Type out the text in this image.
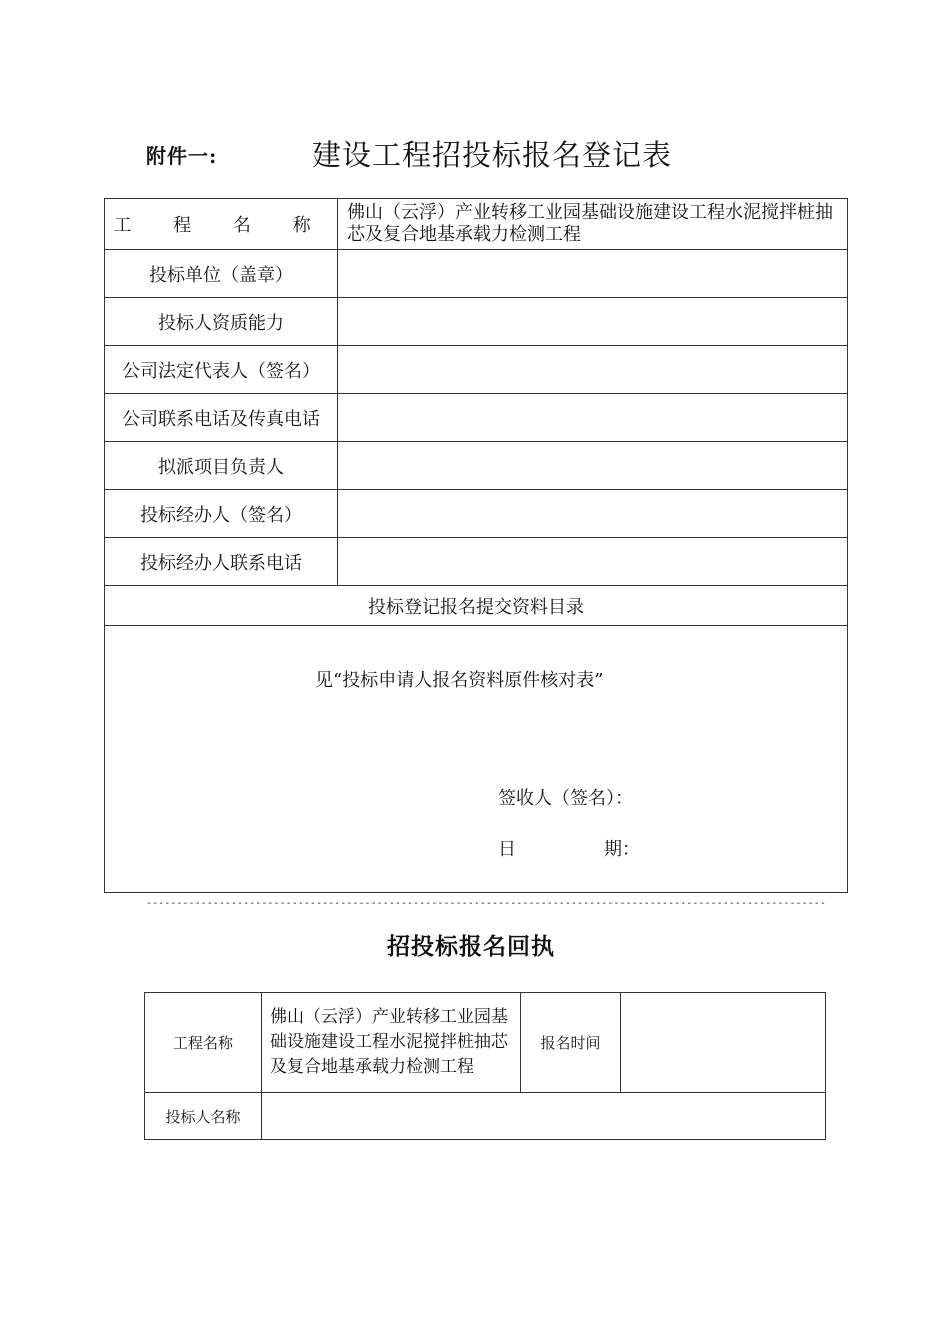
附件一:	建设工程招投标报名登记表
工 程 名 称	佛山（云浮）产业转移工业园基础设施建设工程水泥搅拌桩抽芯及复合地基承载力检测工程
投标单位（盖章）	
投标人资质能力	
公司法定代表人（签名）	
公司联系电话及传真电话	
拟派项目负责人	
投标经办人（签名）	
投标经办人联系电话	
投标登记报名提交资料目录	

见“投标申请人报名资料原件核对表”
签收人（签名）：
日 期：	
----------------------------------------------------------------------------------------------------------------
招投标报名回执
工程名称	佛山（云浮）产业转移工业园基础设施建设工程水泥搅拌桩抽芯及复合地基承载力检测工程	报名时间	
投标人名称			
